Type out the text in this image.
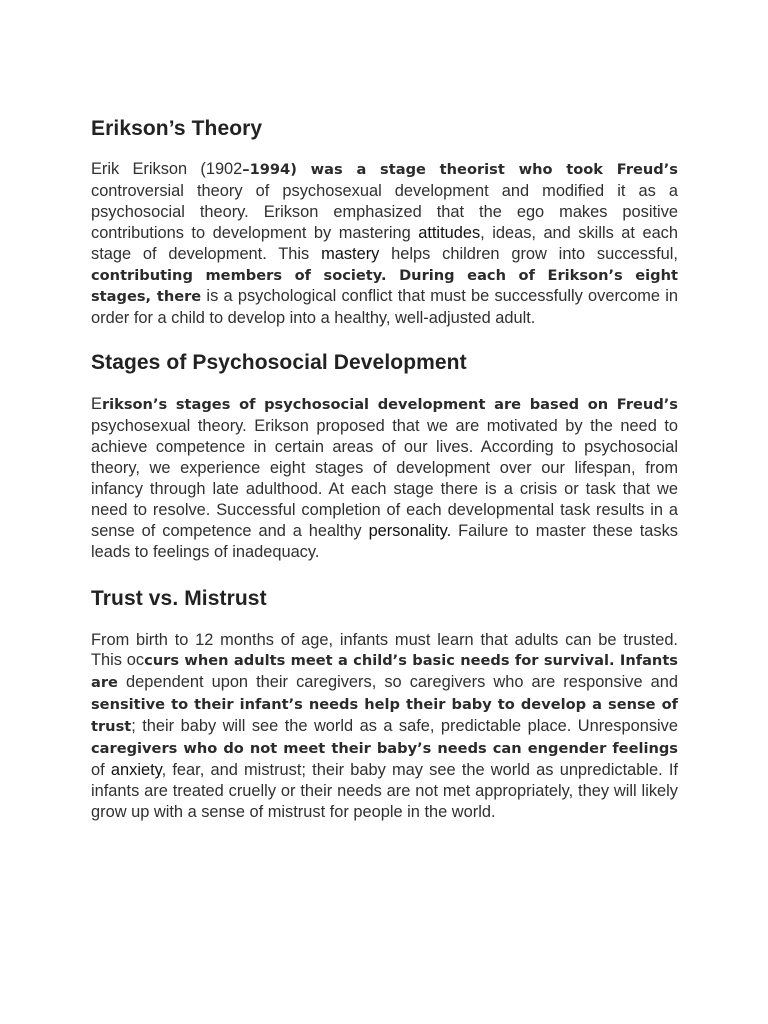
Erikson’s Theory

Erik Erikson (1902–1994) was a stage theorist who took Freud’s controversial theory of psychosexual development and modified it as a psychosocial theory. Erikson emphasized that the ego makes positive contributions to development by mastering attitudes, ideas, and skills at each stage of development. This mastery helps children grow into successful, contributing members of society. During each of Erikson’s eight stages, there is a psychological conflict that must be successfully overcome in order for a child to develop into a healthy, well-adjusted adult.

Stages of Psychosocial Development

Erikson’s stages of psychosocial development are based on Freud’s psychosexual theory. Erikson proposed that we are motivated by the need to achieve competence in certain areas of our lives. According to psychosocial theory, we experience eight stages of development over our lifespan, from infancy through late adulthood. At each stage there is a crisis or task that we need to resolve. Successful completion of each developmental task results in a sense of competence and a healthy personality. Failure to master these tasks leads to feelings of inadequacy.

Trust vs. Mistrust

From birth to 12 months of age, infants must learn that adults can be trusted. This occurs when adults meet a child’s basic needs for survival. Infants are dependent upon their caregivers, so caregivers who are responsive and sensitive to their infant’s needs help their baby to develop a sense of trust; their baby will see the world as a safe, predictable place. Unresponsive caregivers who do not meet their baby’s needs can engender feelings of anxiety, fear, and mistrust; their baby may see the world as unpredictable. If infants are treated cruelly or their needs are not met appropriately, they will likely grow up with a sense of mistrust for people in the world.
